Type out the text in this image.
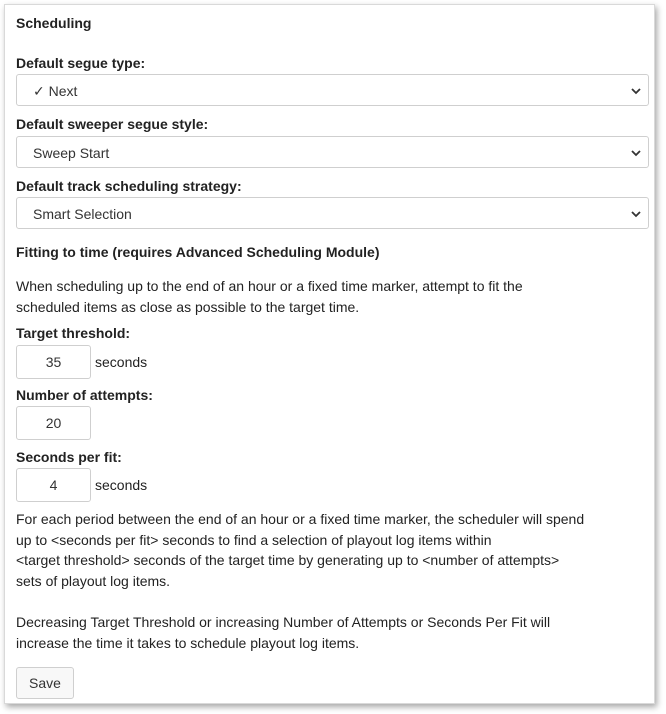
Scheduling
Default segue type:
✓ Next
Default sweeper segue style:
Sweep Start
Default track scheduling strategy:
Smart Selection
Fitting to time (requires Advanced Scheduling Module)
When scheduling up to the end of an hour or a fixed time marker, attempt to fit the
scheduled items as close as possible to the target time.
Target threshold:
35	seconds
Number of attempts:
20
Seconds per fit:
4	seconds
For each period between the end of an hour or a fixed time marker, the scheduler will spend
up to <seconds per fit> seconds to find a selection of playout log items within
<target threshold> seconds of the target time by generating up to <number of attempts>
sets of playout log items.
Decreasing Target Threshold or increasing Number of Attempts or Seconds Per Fit will
increase the time it takes to schedule playout log items.
Save
